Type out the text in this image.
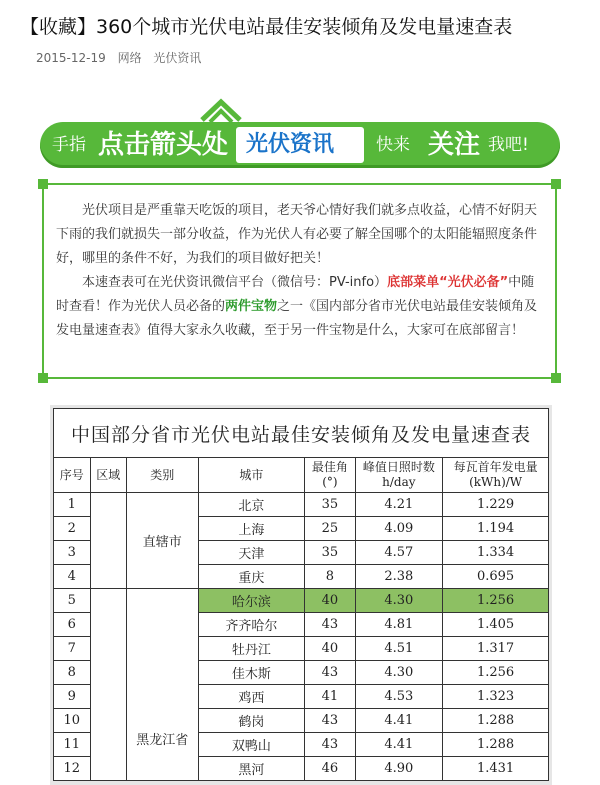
【收藏】360个城市光伏电站最佳安装倾角及发电量速查表
2015-12-19 网络 光伏资讯
手指 点击箭头处 光伏资讯 快来 关注 我吧!

　　光伏项目是严重靠天吃饭的项目，老天爷心情好我们就多点收益，心情不好阴天下雨的我们就损失一部分收益，作为光伏人有必要了解全国哪个的太阳能辐照度条件好，哪里的条件不好，为我们的项目做好把关！

　　本速查表可在光伏资讯微信平台（微信号：PV-info）底部菜单“光伏必备”中随时查看！作为光伏人员必备的两件宝物之一《国内部分省市光伏电站最佳安装倾角及发电量速查表》值得大家永久收藏，至于另一件宝物是什么，大家可在底部留言！

中国部分省市光伏电站最佳安装倾角及发电量速查表						
序号	区域	类别	城市	最佳角(°)	峰值日照时数h/day	每瓦首年发电量(kWh)/W
1		直辖市	北京	35	4.21	1.229
2			上海	25	4.09	1.194
3			天津	35	4.57	1.334
4			重庆	8	2.38	0.695
5		黑龙江省	哈尔滨	40	4.30	1.256
6			齐齐哈尔	43	4.81	1.405
7			牡丹江	40	4.51	1.317
8			佳木斯	43	4.30	1.256
9			鸡西	41	4.53	1.323
10			鹤岗	43	4.41	1.288
11			双鸭山	43	4.41	1.288
12			黑河	46	4.90	1.431
